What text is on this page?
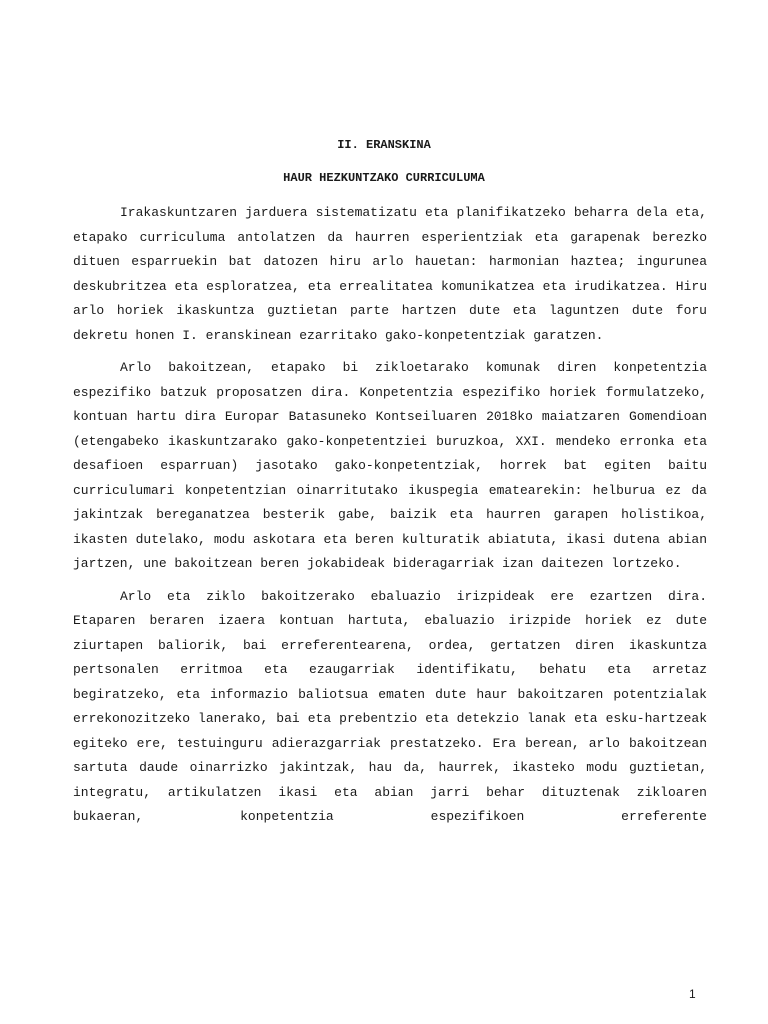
II. ERANSKINA
HAUR HEZKUNTZAKO CURRICULUMA

Irakaskuntzaren jarduera sistematizatu eta planifikatzeko beharra dela eta, etapako curriculuma antolatzen da haurren esperientziak eta garapenak berezko dituen esparruekin bat datozen hiru arlo hauetan: harmonian haztea; ingurunea deskubritzea eta esploratzea, eta errealitatea komunikatzea eta irudikatzea. Hiru arlo horiek ikaskuntza guztietan parte hartzen dute eta laguntzen dute foru dekretu honen I. eranskinean ezarritako gako-konpetentziak garatzen.

Arlo bakoitzean, etapako bi zikloetarako komunak diren konpetentzia espezifiko batzuk proposatzen dira. Konpetentzia espezifiko horiek formulatzeko, kontuan hartu dira Europar Batasuneko Kontseiluaren 2018ko maiatzaren Gomendioan (etengabeko ikaskuntzarako gako-konpetentziei buruzkoa, XXI. mendeko erronka eta desafioen esparruan) jasotako gako-konpetentziak, horrek bat egiten baitu curriculumari konpetentzian oinarritutako ikuspegia ematearekin: helburua ez da jakintzak bereganatzea besterik gabe, baizik eta haurren garapen holistikoa, ikasten dutelako, modu askotara eta beren kulturatik abiatuta, ikasi dutena abian jartzen, une bakoitzean beren jokabideak bideragarriak izan daitezen lortzeko.

Arlo eta ziklo bakoitzerako ebaluazio irizpideak ere ezartzen dira. Etaparen beraren izaera kontuan hartuta, ebaluazio irizpide horiek ez dute ziurtapen baliorik, bai erreferentearena, ordea, gertatzen diren ikaskuntza pertsonalen erritmoa eta ezaugarriak identifikatu, behatu eta arretaz begiratzeko, eta informazio baliotsua ematen dute haur bakoitzaren potentzialak errekonozitzeko lanerako, bai eta prebentzio eta detekzio lanak eta esku-hartzeak egiteko ere, testuinguru adierazgarriak prestatzeko. Era berean, arlo bakoitzean sartuta daude oinarrizko jakintzak, hau da, haurrek, ikasteko modu guztietan, integratu, artikulatzen ikasi eta abian jarri behar dituztenak zikloaren bukaeran, konpetentzia espezifikoen erreferente

1
